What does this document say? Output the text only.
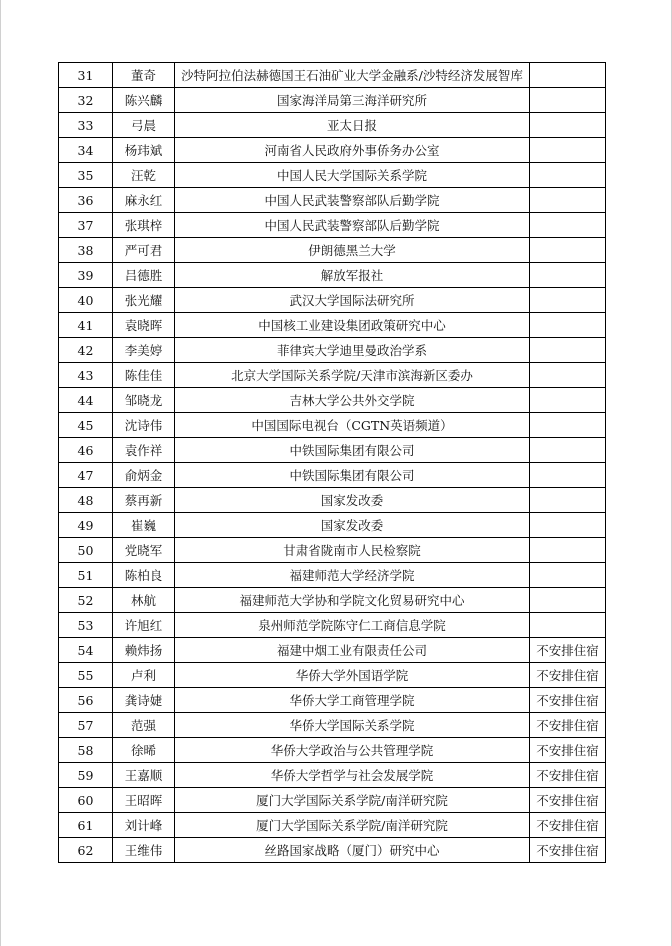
31	董奇	沙特阿拉伯法赫德国王石油矿业大学金融系/沙特经济发展智库	
32	陈兴麟	国家海洋局第三海洋研究所	
33	弓晨	亚太日报	
34	杨玮斌	河南省人民政府外事侨务办公室	
35	汪乾	中国人民大学国际关系学院	
36	麻永红	中国人民武装警察部队后勤学院	
37	张琪梓	中国人民武装警察部队后勤学院	
38	严可君	伊朗德黑兰大学	
39	吕德胜	解放军报社	
40	张光耀	武汉大学国际法研究所	
41	袁晓晖	中国核工业建设集团政策研究中心	
42	李美婷	菲律宾大学迪里曼政治学系	
43	陈佳佳	北京大学国际关系学院/天津市滨海新区委办	
44	邹晓龙	吉林大学公共外交学院	
45	沈诗伟	中国国际电视台（CGTN英语频道）	
46	袁作祥	中铁国际集团有限公司	
47	俞炳金	中铁国际集团有限公司	
48	蔡再新	国家发改委	
49	崔巍	国家发改委	
50	党晓军	甘肃省陇南市人民检察院	
51	陈柏良	福建师范大学经济学院	
52	林航	福建师范大学协和学院文化贸易研究中心	
53	许旭红	泉州师范学院陈守仁工商信息学院	
54	赖炜扬	福建中烟工业有限责任公司	不安排住宿
55	卢利	华侨大学外国语学院	不安排住宿
56	龚诗婕	华侨大学工商管理学院	不安排住宿
57	范强	华侨大学国际关系学院	不安排住宿
58	徐晞	华侨大学政治与公共管理学院	不安排住宿
59	王嘉顺	华侨大学哲学与社会发展学院	不安排住宿
60	王昭晖	厦门大学国际关系学院/南洋研究院	不安排住宿
61	刘计峰	厦门大学国际关系学院/南洋研究院	不安排住宿
62	王维伟	丝路国家战略（厦门）研究中心	不安排住宿
